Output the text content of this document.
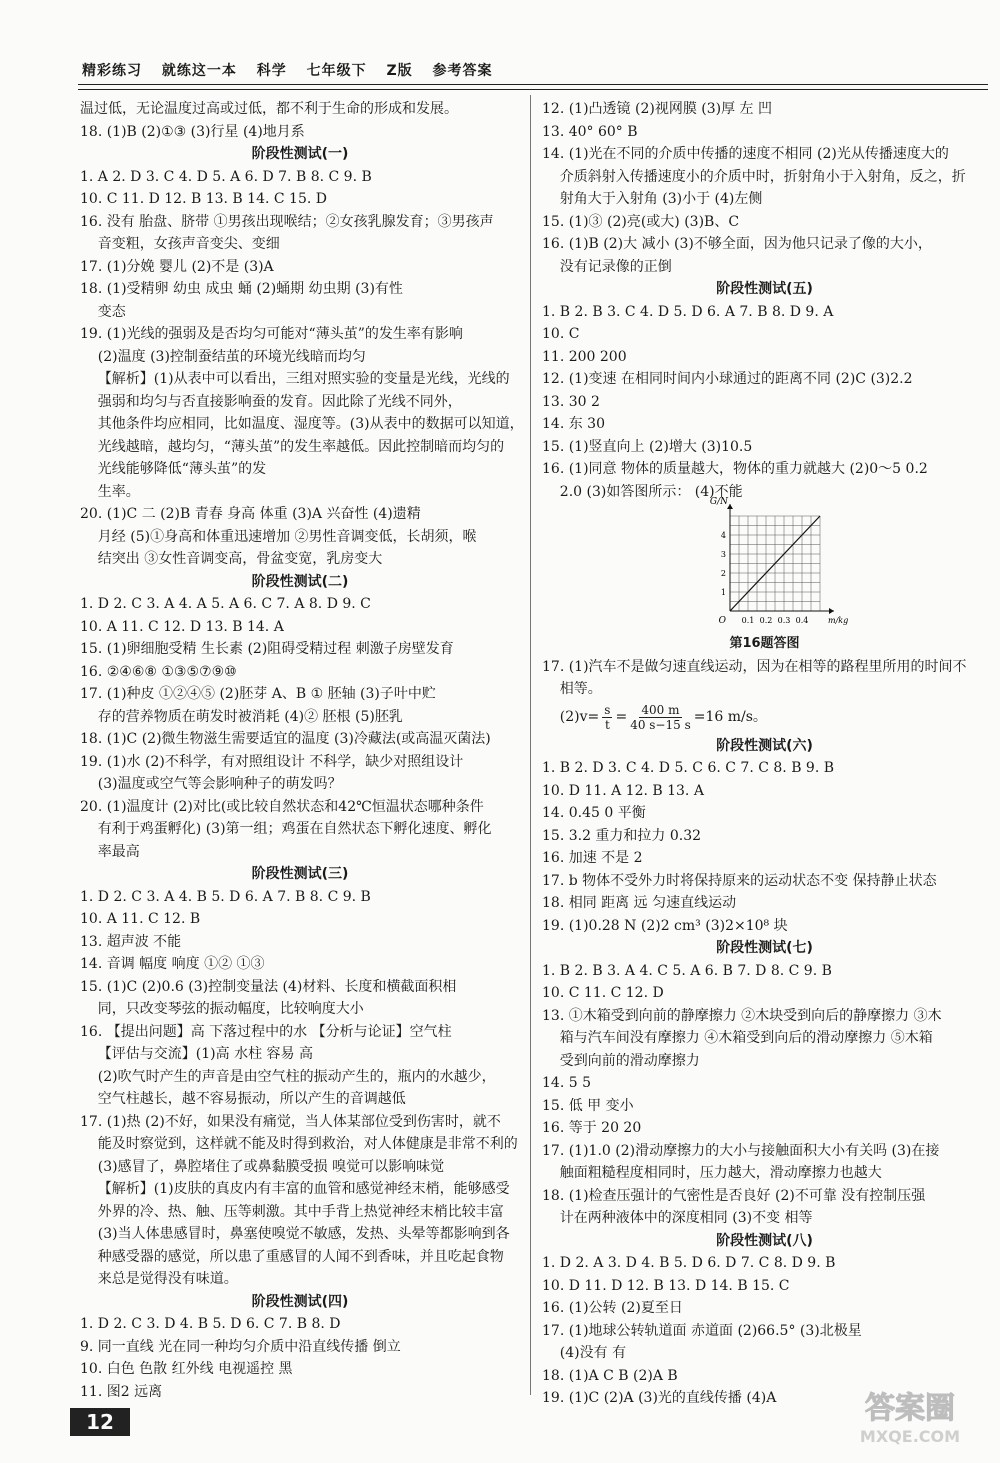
精彩练习 就练这一本 科学 七年级下 Z版 参考答案
温过低，无论温度过高或过低，都不利于生命的形成和发展。
18. (1)B (2)①③ (3)行星 (4)地月系
阶段性测试(一)
1. A 2. D 3. C 4. D 5. A 6. D 7. B 8. C 9. B
10. C 11. D 12. B 13. B 14. C 15. D
16. 没有 胎盘、脐带 ①男孩出现喉结；②女孩乳腺发育；③男孩声
音变粗，女孩声音变尖、变细
17. (1)分娩 婴儿 (2)不是 (3)A
18. (1)受精卵 幼虫 成虫 蛹 (2)蛹期 幼虫期 (3)有性
变态
19. (1)光线的强弱及是否均匀可能对“薄头茧”的发生率有影响
(2)温度 (3)控制蚕结茧的环境光线暗而均匀
【解析】(1)从表中可以看出，三组对照实验的变量是光线，光线的
强弱和均匀与否直接影响蚕的发育。因此除了光线不同外，
其他条件均应相同，比如温度、湿度等。(3)从表中的数据可以知道，
光线越暗，越均匀，“薄头茧”的发生率越低。因此控制暗而均匀的
光线能够降低“薄头茧”的发
生率。
20. (1)C 二 (2)B 青春 身高 体重 (3)A 兴奋性 (4)遗精
月经 (5)①身高和体重迅速增加 ②男性音调变低，长胡须，喉
结突出 ③女性音调变高，骨盆变宽，乳房变大
阶段性测试(二)
1. D 2. C 3. A 4. A 5. A 6. C 7. A 8. D 9. C
10. A 11. C 12. D 13. B 14. A
15. (1)卵细胞受精 生长素 (2)阻碍受精过程 刺激子房壁发育
16. ②④⑥⑧ ①③⑤⑦⑨⑩
17. (1)种皮 ①②④⑤ (2)胚芽 A、B ① 胚轴 (3)子叶中贮
存的营养物质在萌发时被消耗 (4)② 胚根 (5)胚乳
18. (1)C (2)微生物滋生需要适宜的温度 (3)冷藏法(或高温灭菌法)
19. (1)水 (2)不科学，有对照组设计 不科学，缺少对照组设计
(3)温度或空气等会影响种子的萌发吗？
20. (1)温度计 (2)对比(或比较自然状态和42℃恒温状态哪种条件
有利于鸡蛋孵化) (3)第一组；鸡蛋在自然状态下孵化速度、孵化
率最高
阶段性测试(三)
1. D 2. C 3. A 4. B 5. D 6. A 7. B 8. C 9. B
10. A 11. C 12. B
13. 超声波 不能
14. 音调 幅度 响度 ①② ①③
15. (1)C (2)0.6 (3)控制变量法 (4)材料、长度和横截面积相
同，只改变琴弦的振动幅度，比较响度大小
16. 【提出问题】高 下落过程中的水 【分析与论证】空气柱
【评估与交流】(1)高 水柱 容易 高
(2)吹气时产生的声音是由空气柱的振动产生的，瓶内的水越少，
空气柱越长，越不容易振动，所以产生的音调越低
17. (1)热 (2)不好，如果没有痛觉，当人体某部位受到伤害时，就不
能及时察觉到，这样就不能及时得到救治，对人体健康是非常不利的
(3)感冒了，鼻腔堵住了或鼻黏膜受损 嗅觉可以影响味觉
【解析】(1)皮肤的真皮内有丰富的血管和感觉神经末梢，能够感受
外界的冷、热、触、压等刺激。其中手背上热觉神经末梢比较丰富
(3)当人体患感冒时，鼻塞使嗅觉不敏感，发热、头晕等都影响到各
种感受器的感觉，所以患了重感冒的人闻不到香味，并且吃起食物
来总是觉得没有味道。
阶段性测试(四)
1. D 2. C 3. D 4. B 5. D 6. C 7. B 8. D
9. 同一直线 光在同一种均匀介质中沿直线传播 倒立
10. 白色 色散 红外线 电视遥控 黑
11. 图2 远离
12. (1)凸透镜 (2)视网膜 (3)厚 左 凹
13. 40° 60° B
14. (1)光在不同的介质中传播的速度不相同 (2)光从传播速度大的
介质斜射入传播速度小的介质中时，折射角小于入射角，反之，折
射角大于入射角 (3)小于 (4)左侧
15. (1)③ (2)亮(或大) (3)B、C
16. (1)B (2)大 减小 (3)不够全面，因为他只记录了像的大小，
没有记录像的正倒
阶段性测试(五)
1. B 2. B 3. C 4. D 5. D 6. A 7. B 8. D 9. A
10. C
11. 200 200
12. (1)变速 在相同时间内小球通过的距离不同 (2)C (3)2.2
13. 30 2
14. 东 30
15. (1)竖直向上 (2)增大 (3)10.5
16. (1)同意 物体的质量越大，物体的重力就越大 (2)0～5 0.2
2.0 (3)如答图所示： (4)不能
0.1 0.2 0.3 0.4
1
2
3
4
O
G/N
m/kg
第16题答图
17. (1)汽车不是做匀速直线运动，因为在相等的路程里所用的时间不
相等。
$(2)v= \frac{s}{t} = \frac{400 m}{40 s-15 s} =16$ m/s。
阶段性测试(六)
1. B 2. D 3. C 4. D 5. C 6. C 7. C 8. B 9. B
10. D 11. A 12. B 13. A
14. 0.45 0 平衡
15. 3.2 重力和拉力 0.32
16. 加速 不是 2
17. b 物体不受外力时将保持原来的运动状态不变 保持静止状态
18. 相同 距离 远 匀速直线运动
19. (1)0.28 N (2)2 cm³ (3)2×10⁸ 块
阶段性测试(七)
1. B 2. B 3. A 4. C 5. A 6. B 7. D 8. C 9. B
10. C 11. C 12. D
13. ①木箱受到向前的静摩擦力 ②木块受到向后的静摩擦力 ③木
箱与汽车间没有摩擦力 ④木箱受到向后的滑动摩擦力 ⑤木箱
受到向前的滑动摩擦力
14. 5 5
15. 低 甲 变小
16. 等于 20 20
17. (1)1.0 (2)滑动摩擦力的大小与接触面积大小有关吗 (3)在接
触面粗糙程度相同时，压力越大，滑动摩擦力也越大
18. (1)检查压强计的气密性是否良好 (2)不可靠 没有控制压强
计在两种液体中的深度相同 (3)不变 相等
阶段性测试(八)
1. D 2. A 3. D 4. B 5. D 6. D 7. C 8. D 9. B
10. D 11. D 12. B 13. D 14. B 15. C
16. (1)公转 (2)夏至日
17. (1)地球公转轨道面 赤道面 (2)66.5° (3)北极星
(4)没有 有
18. (1)A C B (2)A B
19. (1)C (2)A (3)光的直线传播 (4)A
12	答案圈
MXQE.COM
